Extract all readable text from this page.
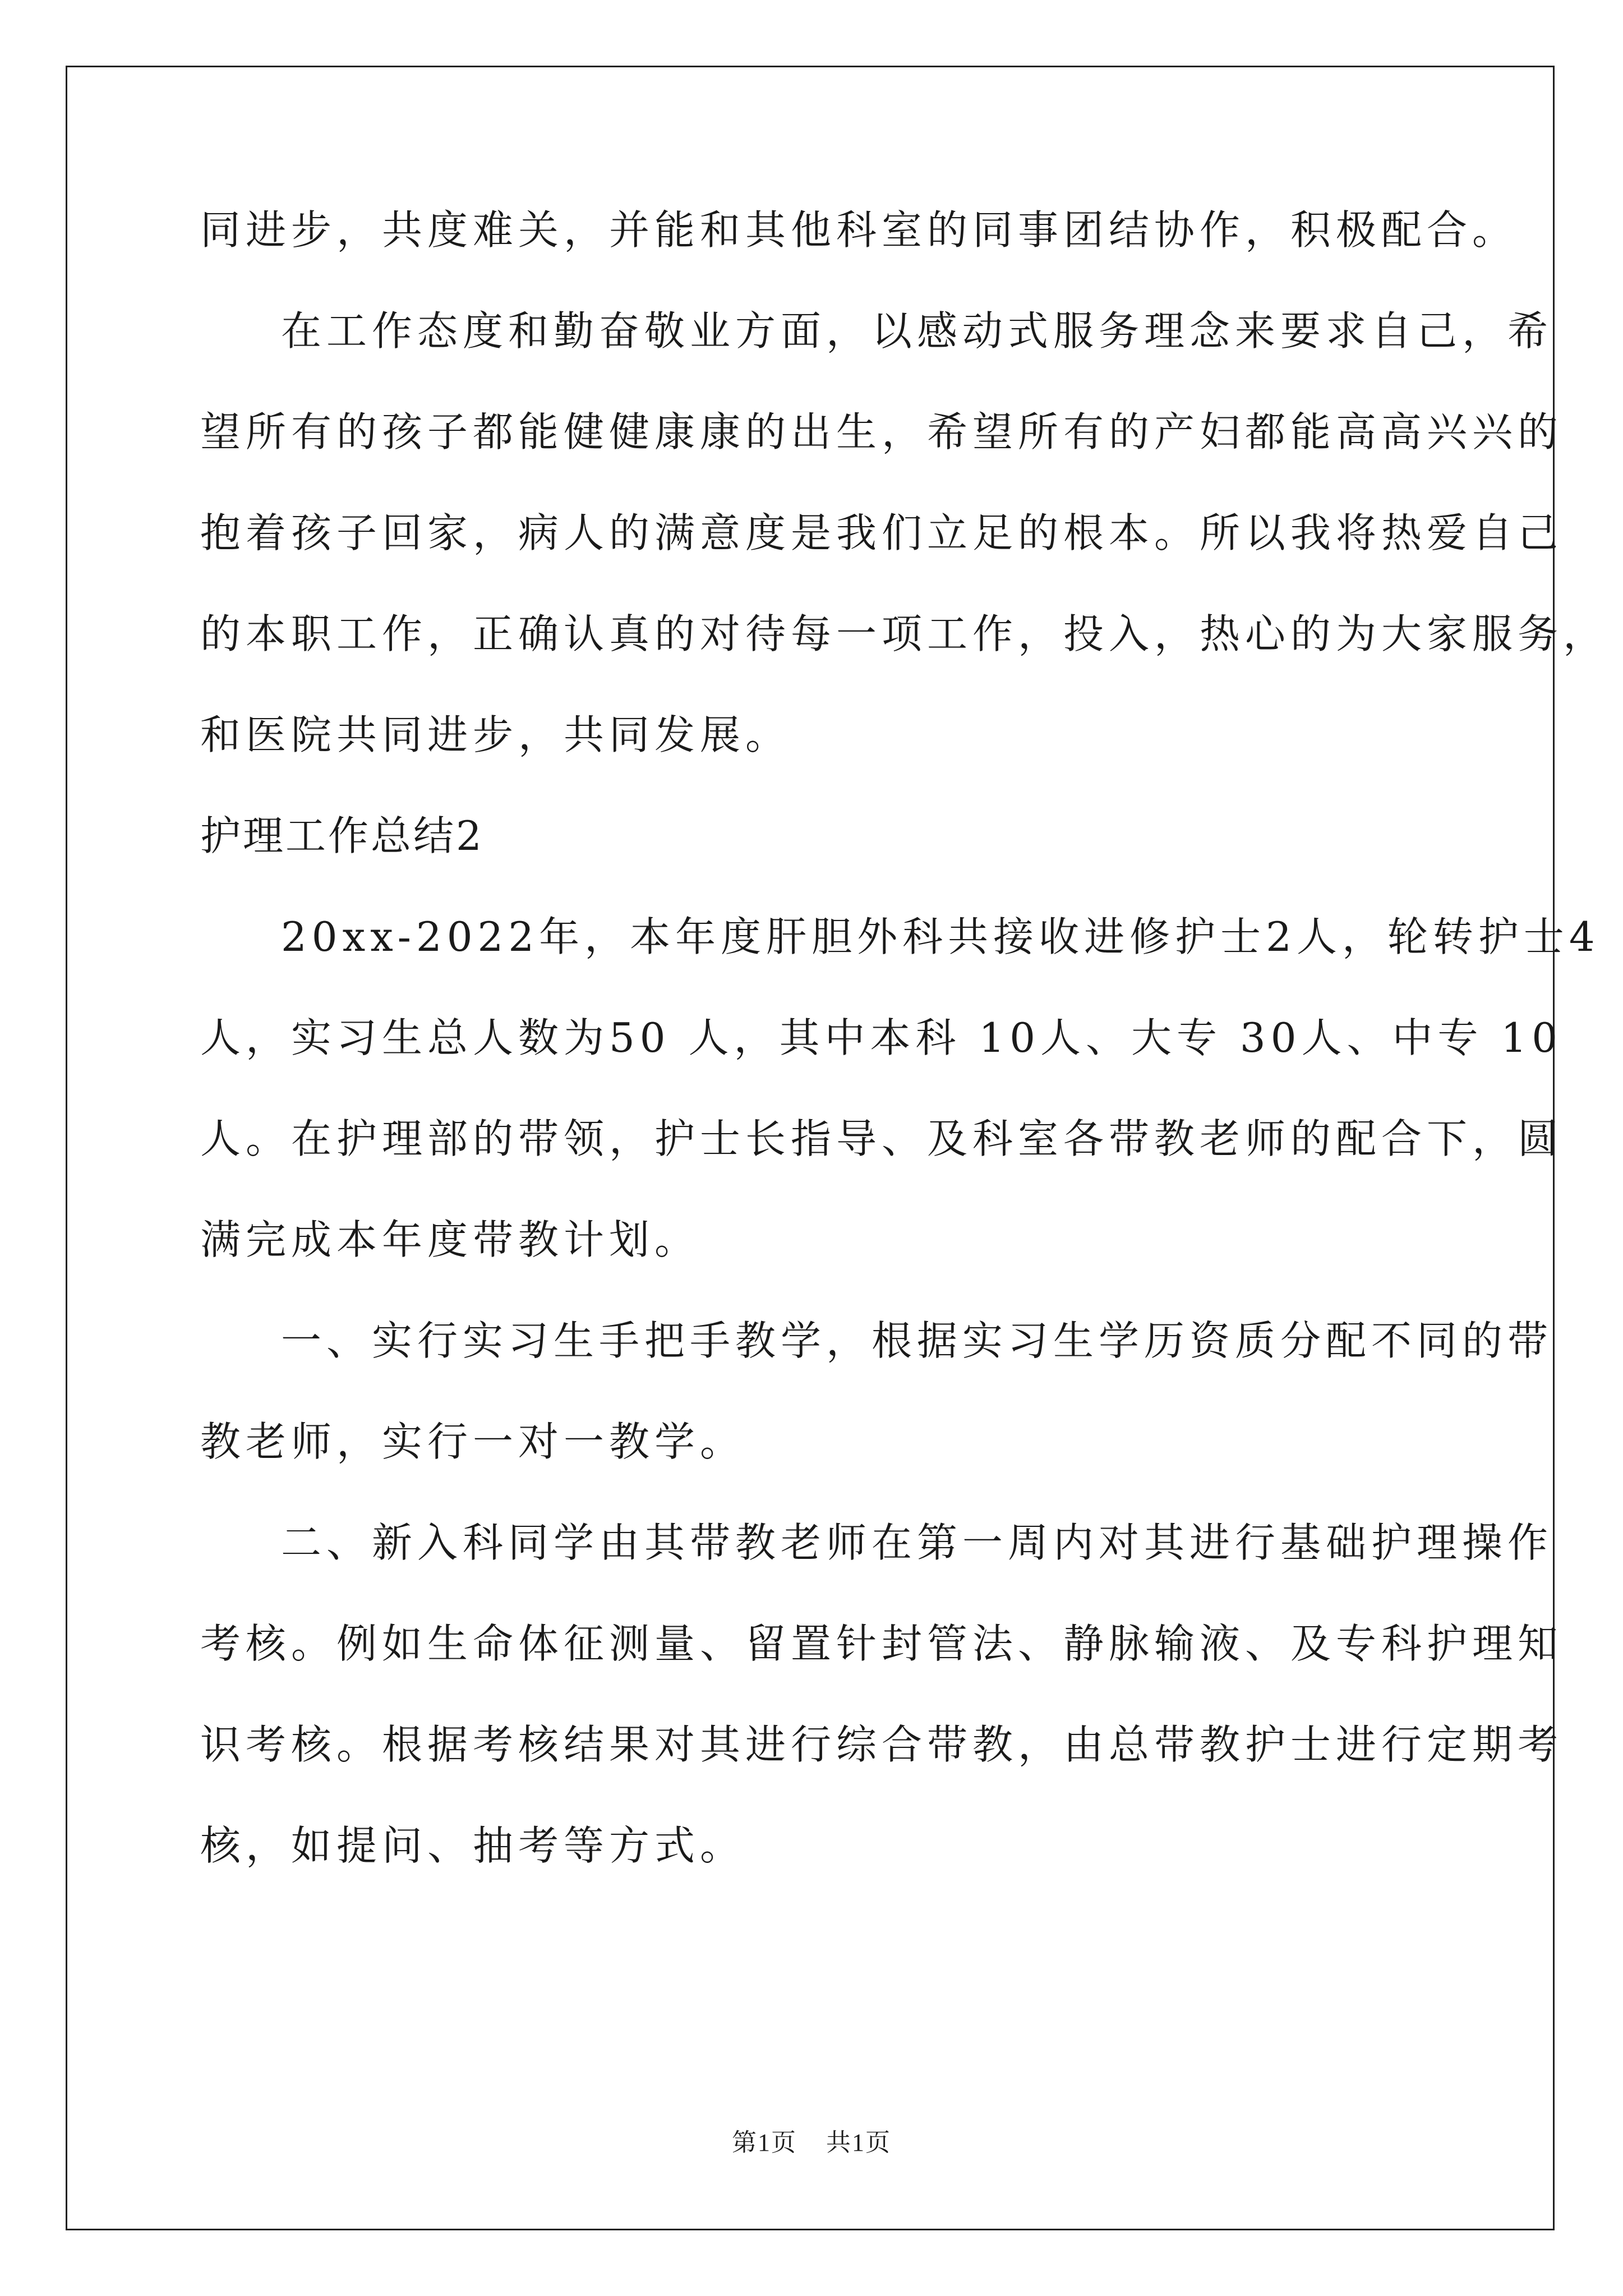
同进步，共度难关，并能和其他科室的同事团结协作，积极配合。
在工作态度和勤奋敬业方面，以感动式服务理念来要求自己，希
望所有的孩子都能健健康康的出生，希望所有的产妇都能高高兴兴的
抱着孩子回家，病人的满意度是我们立足的根本。所以我将热爱自己
的本职工作，正确认真的对待每一项工作，投入，热心的为大家服务，
和医院共同进步，共同发展。
护理工作总结2
20xx-2022年，本年度肝胆外科共接收进修护士2人，轮转护士4
人，实习生总人数为50 人，其中本科 10人、大专 30人、中专 10
人。在护理部的带领，护士长指导、及科室各带教老师的配合下，圆
满完成本年度带教计划。
一、实行实习生手把手教学，根据实习生学历资质分配不同的带
教老师，实行一对一教学。
二、新入科同学由其带教老师在第一周内对其进行基础护理操作
考核。例如生命体征测量、留置针封管法、静脉输液、及专科护理知
识考核。根据考核结果对其进行综合带教，由总带教护士进行定期考
核，如提问、抽考等方式。
第1页 共1页
